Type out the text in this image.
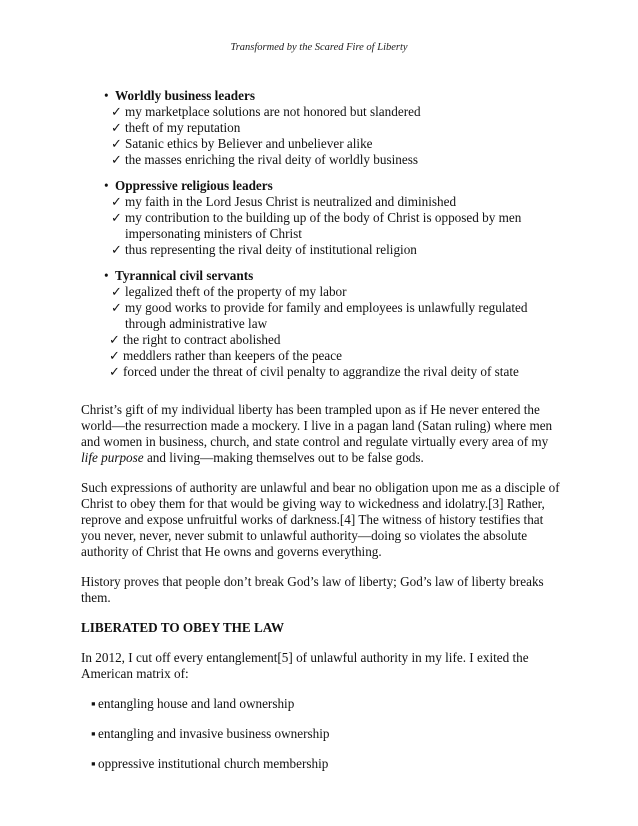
Transformed by the Scared Fire of Liberty
• Worldly business leaders
✓ my marketplace solutions are not honored but slandered
✓ theft of my reputation
✓ Satanic ethics by Believer and unbeliever alike
✓ the masses enriching the rival deity of worldly business
• Oppressive religious leaders
✓ my faith in the Lord Jesus Christ is neutralized and diminished
✓ my contribution to the building up of the body of Christ is opposed by men impersonating ministers of Christ
✓ thus representing the rival deity of institutional religion
• Tyrannical civil servants
✓ legalized theft of the property of my labor
✓ my good works to provide for family and employees is unlawfully regulated through administrative law
✓ the right to contract abolished
✓ meddlers rather than keepers of the peace
✓ forced under the threat of civil penalty to aggrandize the rival deity of state

Christ’s gift of my individual liberty has been trampled upon as if He never entered the world—the resurrection made a mockery. I live in a pagan land (Satan ruling) where men and women in business, church, and state control and regulate virtually every area of my life purpose and living—making themselves out to be false gods.

Such expressions of authority are unlawful and bear no obligation upon me as a disciple of Christ to obey them for that would be giving way to wickedness and idolatry.[3] Rather, reprove and expose unfruitful works of darkness.[4] The witness of history testifies that you never, never, never submit to unlawful authority—doing so violates the absolute authority of Christ that He owns and governs everything.

History proves that people don’t break God’s law of liberty; God’s law of liberty breaks them.

LIBERATED TO OBEY THE LAW

In 2012, I cut off every entanglement[5] of unlawful authority in my life. I exited the American matrix of:

▪ entangling house and land ownership
▪ entangling and invasive business ownership
▪ oppressive institutional church membership
